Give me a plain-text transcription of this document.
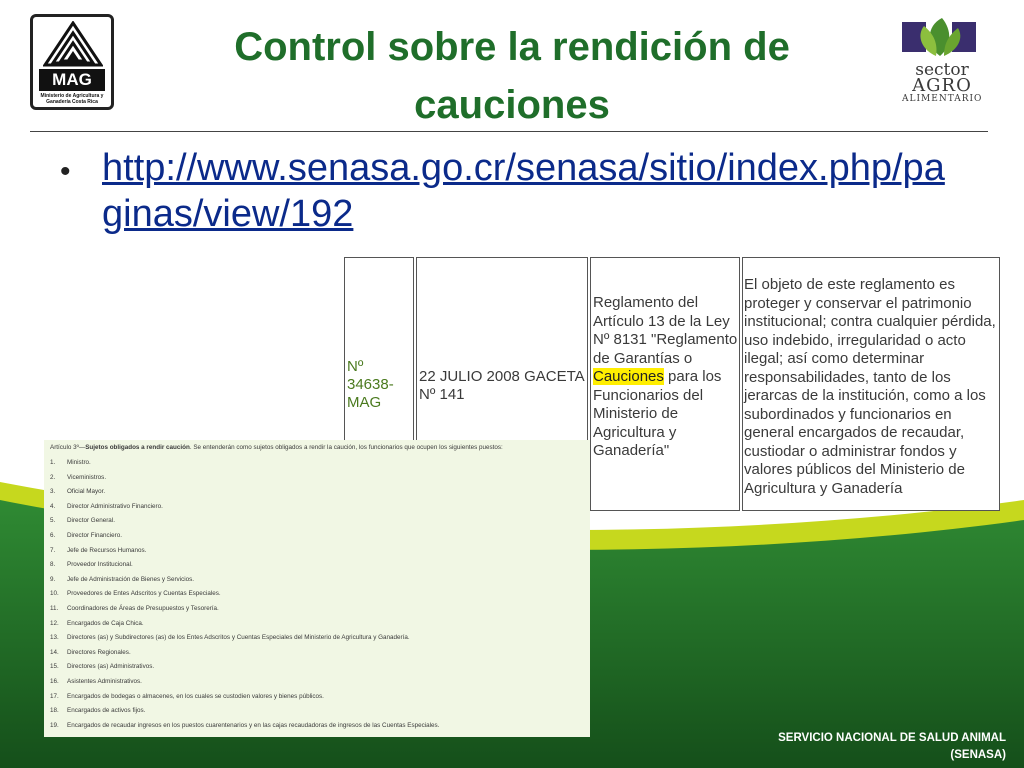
MAG
Ministerio de Agricultura y Ganadería Costa Rica
sector
AGRO
ALIMENTARIO
Control sobre la rendición de cauciones
• http://www.senasa.go.cr/senasa/sitio/index.php/paginas/view/192
Nº 34638-MAG
22 JULIO 2008 GACETA Nº 141
Reglamento del Artículo 13 de la Ley Nº 8131 "Reglamento de Garantías o Cauciones para los Funcionarios del Ministerio de Agricultura y Ganadería"
El objeto de este reglamento es proteger y conservar el patrimonio institucional; contra cualquier pérdida, uso indebido, irregularidad o acto ilegal; así como determinar responsabilidades, tanto de los jerarcas de la institución, como a los subordinados y funcionarios en general encargados de recaudar, custiodar o administrar fondos y valores públicos del Ministerio de Agricultura y Ganadería
Artículo 3º—Sujetos obligados a rendir caución. Se entenderán como sujetos obligados a rendir la caución, los funcionarios que ocupen los siguientes puestos:
1. Ministro.
2. Viceministros.
3. Oficial Mayor.
4. Director Administrativo Financiero.
5. Director General.
6. Director Financiero.
7. Jefe de Recursos Humanos.
8. Proveedor Institucional.
9. Jefe de Administración de Bienes y Servicios.
10. Proveedores de Entes Adscritos y Cuentas Especiales.
11. Coordinadores de Áreas de Presupuestos y Tesorería.
12. Encargados de Caja Chica.
13. Directores (as) y Subdirectores (as) de los Entes Adscritos y Cuentas Especiales del Ministerio de Agricultura y Ganadería.
14. Directores Regionales.
15. Directores (as) Administrativos.
16. Asistentes Administrativos.
17. Encargados de bodegas o almacenes, en los cuales se custodien valores y bienes públicos.
18. Encargados de activos fijos.
19. Encargados de recaudar ingresos en los puestos cuarentenarios y en las cajas recaudadoras de ingresos de las Cuentas Especiales.
SERVICIO NACIONAL DE SALUD ANIMAL
(SENASA)
